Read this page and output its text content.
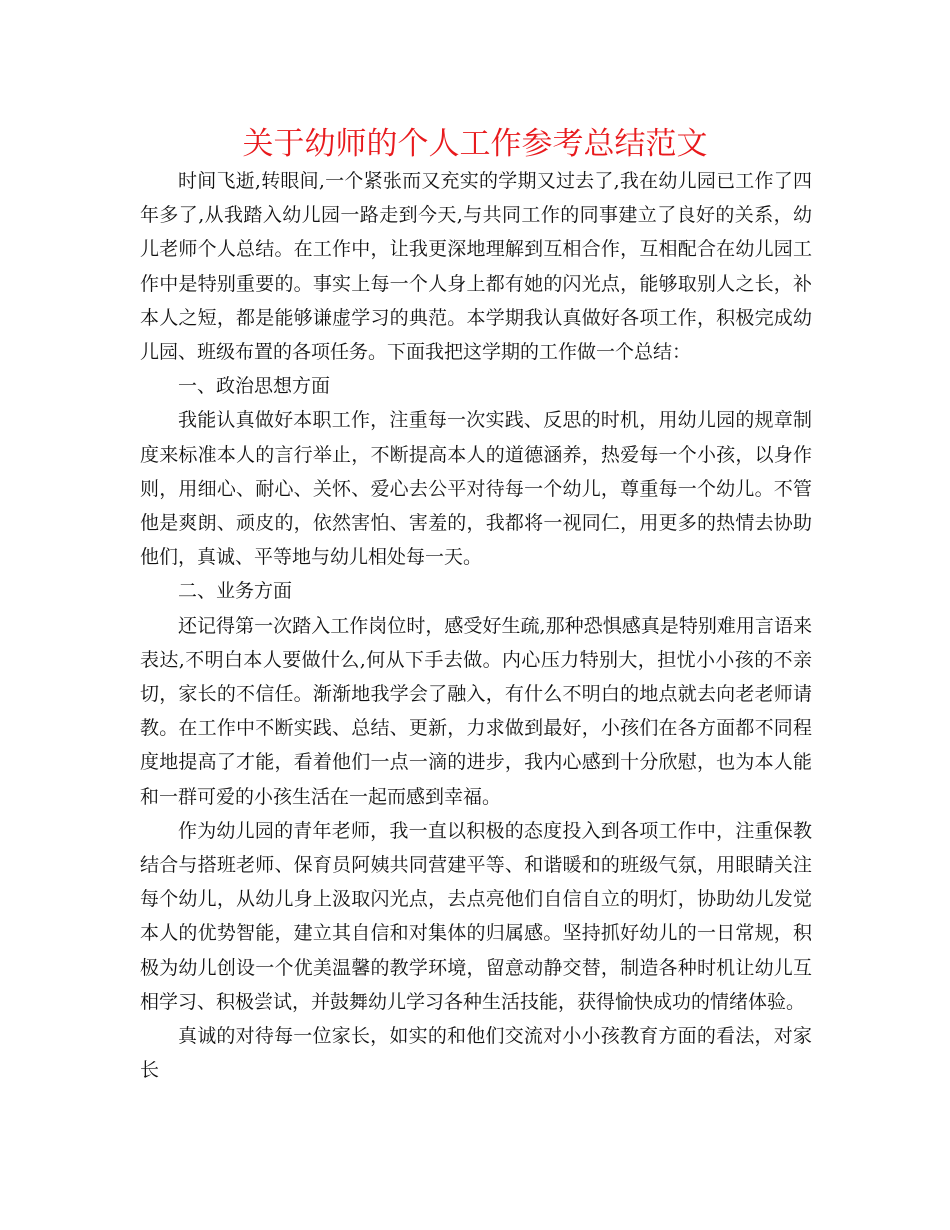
关于幼师的个人工作参考总结范文

时间飞逝,转眼间,一个紧张而又充实的学期又过去了,我在幼儿园已工作了四年多了,从我踏入幼儿园一路走到今天,与共同工作的同事建立了良好的关系，幼儿老师个人总结。在工作中，让我更深地理解到互相合作，互相配合在幼儿园工作中是特别重要的。事实上每一个人身上都有她的闪光点，能够取别人之长，补本人之短，都是能够谦虚学习的典范。本学期我认真做好各项工作，积极完成幼儿园、班级布置的各项任务。下面我把这学期的工作做一个总结：

一、政治思想方面

我能认真做好本职工作，注重每一次实践、反思的时机，用幼儿园的规章制度来标准本人的言行举止，不断提高本人的道德涵养，热爱每一个小孩，以身作则，用细心、耐心、关怀、爱心去公平对待每一个幼儿，尊重每一个幼儿。不管他是爽朗、顽皮的，依然害怕、害羞的，我都将一视同仁，用更多的热情去协助他们，真诚、平等地与幼儿相处每一天。

二、业务方面

还记得第一次踏入工作岗位时，感受好生疏,那种恐惧感真是特别难用言语来表达,不明白本人要做什么,何从下手去做。内心压力特别大，担忧小小孩的不亲切，家长的不信任。渐渐地我学会了融入，有什么不明白的地点就去向老老师请教。在工作中不断实践、总结、更新，力求做到最好，小孩们在各方面都不同程度地提高了才能，看着他们一点一滴的进步，我内心感到十分欣慰，也为本人能和一群可爱的小孩生活在一起而感到幸福。

作为幼儿园的青年老师，我一直以积极的态度投入到各项工作中，注重保教结合与搭班老师、保育员阿姨共同营建平等、和谐暖和的班级气氛，用眼睛关注每个幼儿，从幼儿身上汲取闪光点，去点亮他们自信自立的明灯，协助幼儿发觉本人的优势智能，建立其自信和对集体的归属感。坚持抓好幼儿的一日常规，积极为幼儿创设一个优美温馨的教学环境，留意动静交替，制造各种时机让幼儿互相学习、积极尝试，并鼓舞幼儿学习各种生活技能，获得愉快成功的情绪体验。

真诚的对待每一位家长，如实的和他们交流对小小孩教育方面的看法，对家长
